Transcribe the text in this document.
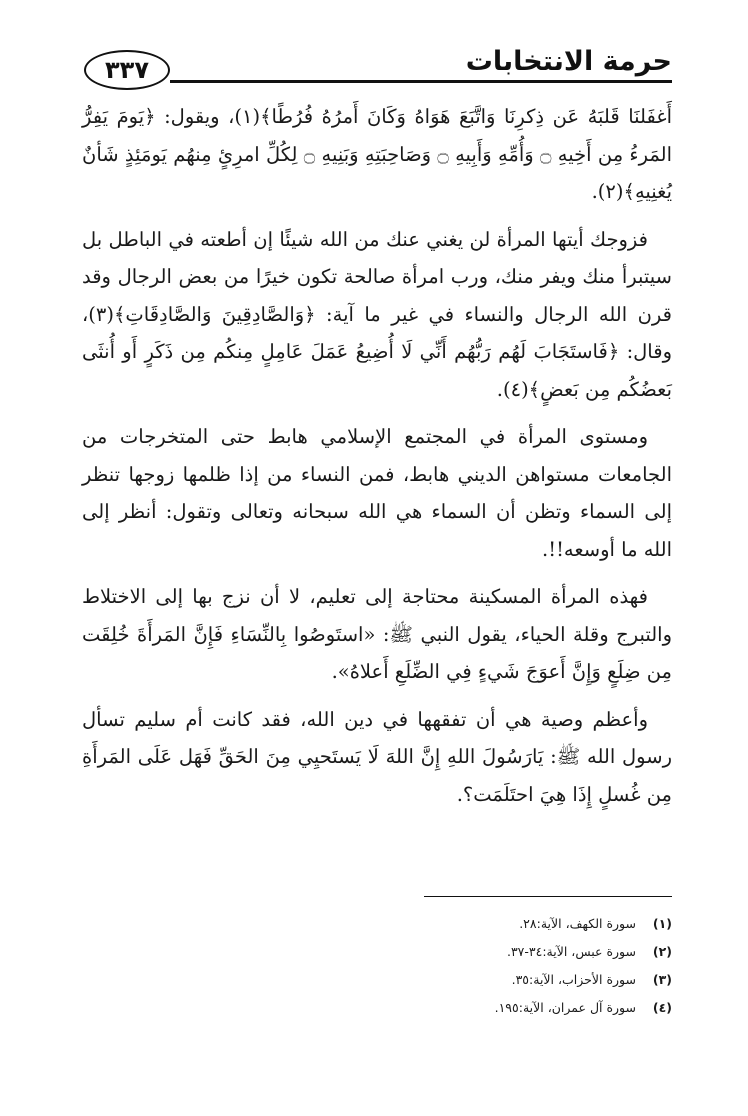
حرمة الانتخابات
٣٣٧

أَغفَلنَا قَلبَهُ عَن ذِكرِنَا وَاتَّبَعَ هَوَاهُ وَكَانَ أَمرُهُ فُرُطًا﴾(١)، ويقول: ﴿يَومَ يَفِرُّ المَرءُ مِن أَخِيهِ ۝ وَأُمِّهِ وَأَبِيهِ ۝ وَصَاحِبَتِهِ وَبَنِيهِ ۝ لِكُلِّ امرِئٍ مِنهُم يَومَئِذٍ شَأنٌ يُغنِيهِ﴾(٢).

فزوجك أيتها المرأة لن يغني عنك من الله شيئًا إن أطعته في الباطل بل سيتبرأ منك ويفر منك، ورب امرأة صالحة تكون خيرًا من بعض الرجال وقد قرن الله الرجال والنساء في غير ما آية: ﴿وَالصَّادِقِينَ وَالصَّادِقَاتِ﴾(٣)، وقال: ﴿فَاستَجَابَ لَهُم رَبُّهُم أَنِّي لَا أُضِيعُ عَمَلَ عَامِلٍ مِنكُم مِن ذَكَرٍ أَو أُنثَى بَعضُكُم مِن بَعضٍ﴾(٤).

ومستوى المرأة في المجتمع الإسلامي هابط حتى المتخرجات من الجامعات مستواهن الديني هابط، فمن النساء من إذا ظلمها زوجها تنظر إلى السماء وتظن أن السماء هي الله سبحانه وتعالى وتقول: أنظر إلى الله ما أوسعه!!.

فهذه المرأة المسكينة محتاجة إلى تعليم، لا أن نزج بها إلى الاختلاط والتبرج وقلة الحياء، يقول النبي ﷺ: «استَوصُوا بِالنِّسَاءِ فَإِنَّ المَرأَةَ خُلِقَت مِن ضِلَعٍ وَإِنَّ أَعوَجَ شَيءٍ فِي الضِّلَعِ أَعلاهُ».

وأعظم وصية هي أن تفقهها في دين الله، فقد كانت أم سليم تسأل رسول الله ﷺ: يَارَسُولَ اللهِ إِنَّ اللهَ لَا يَستَحيِي مِنَ الحَقِّ فَهَل عَلَى المَرأَةِ مِن غُسلٍ إِذَا هِيَ احتَلَمَت؟.

(١)
سورة الكهف، الآية:٢٨.
(٢)
سورة عبس، الآية:٣٤-٣٧.
(٣)
سورة الأحزاب، الآية:٣٥.
(٤)
سورة آل عمران، الآية:١٩٥.
